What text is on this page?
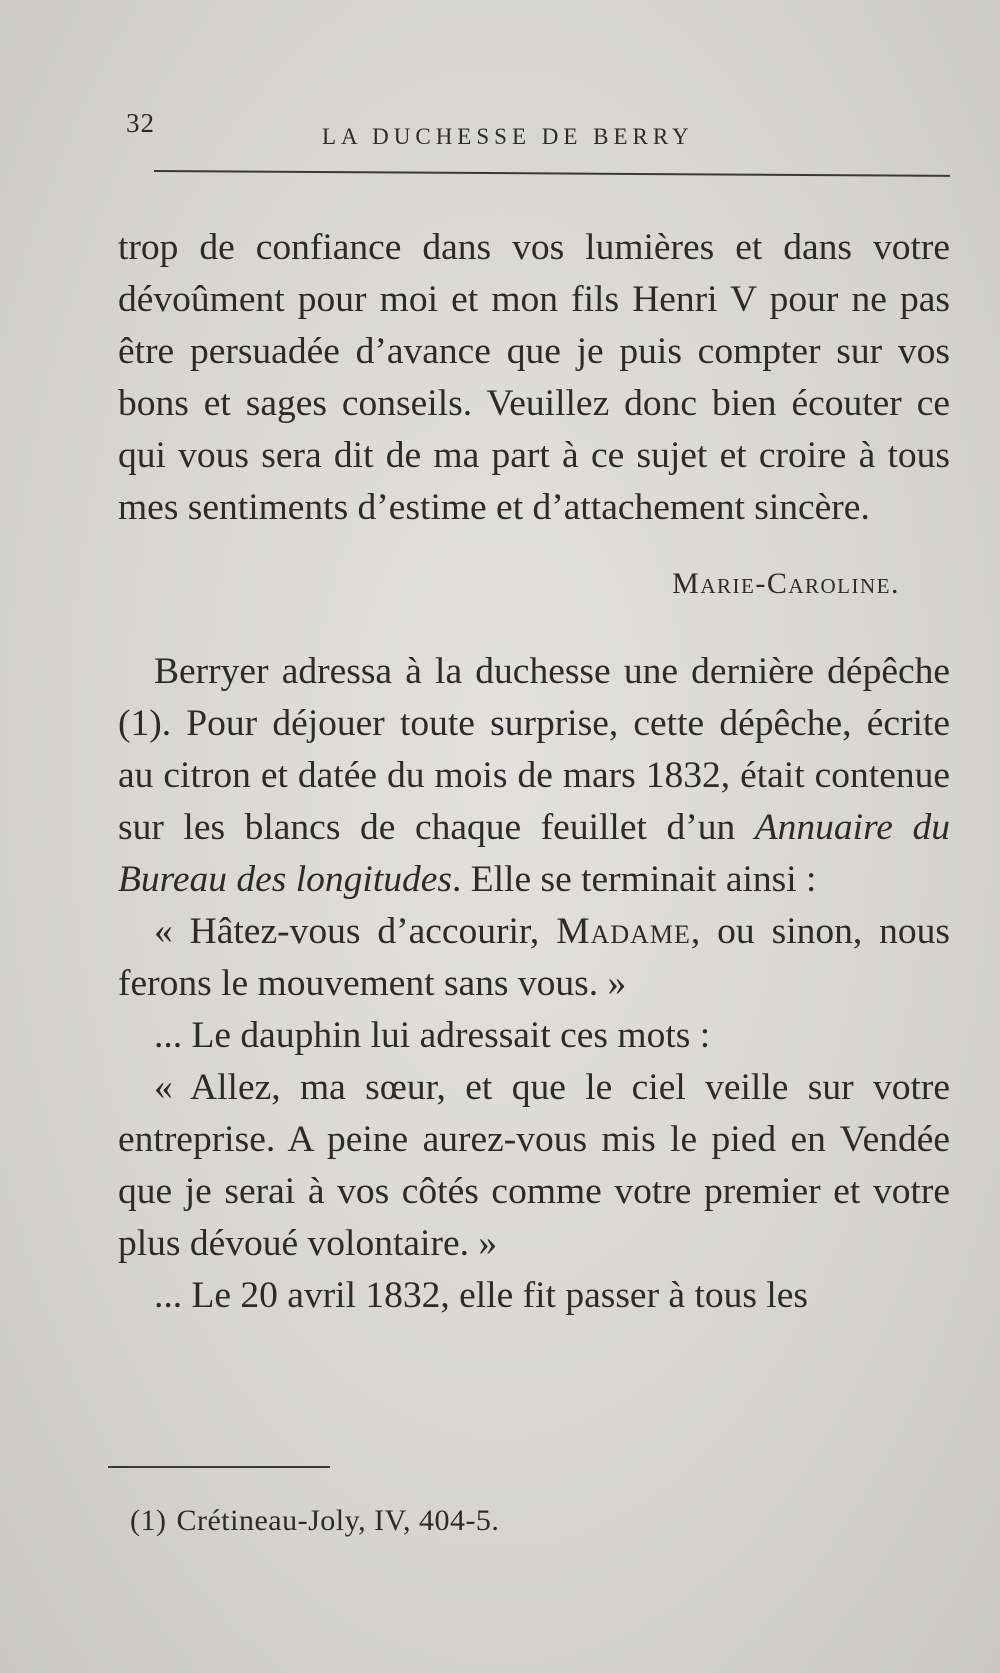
32	LA DUCHESSE DE BERRY

trop de confiance dans vos lumières et dans votre dévoûment pour moi et mon fils Henri V pour ne pas être persuadée d’avance que je puis compter sur vos bons et sages conseils. Veuillez donc bien écouter ce qui vous sera dit de ma part à ce sujet et croire à tous mes sentiments d’estime et d’attachement sincère.

Marie-Caroline.

Berryer adressa à la duchesse une dernière dépêche (1). Pour déjouer toute surprise, cette dépêche, écrite au citron et datée du mois de mars 1832, était contenue sur les blancs de chaque feuillet d’un Annuaire du Bureau des longitudes. Elle se terminait ainsi :

« Hâtez-vous d’accourir, Madame, ou sinon, nous ferons le mouvement sans vous. »

... Le dauphin lui adressait ces mots :

« Allez, ma sœur, et que le ciel veille sur votre entreprise. A peine aurez-vous mis le pied en Vendée que je serai à vos côtés comme votre premier et votre plus dévoué volontaire. »

... Le 20 avril 1832, elle fit passer à tous les

(1) Crétineau-Joly, IV, 404-5.
